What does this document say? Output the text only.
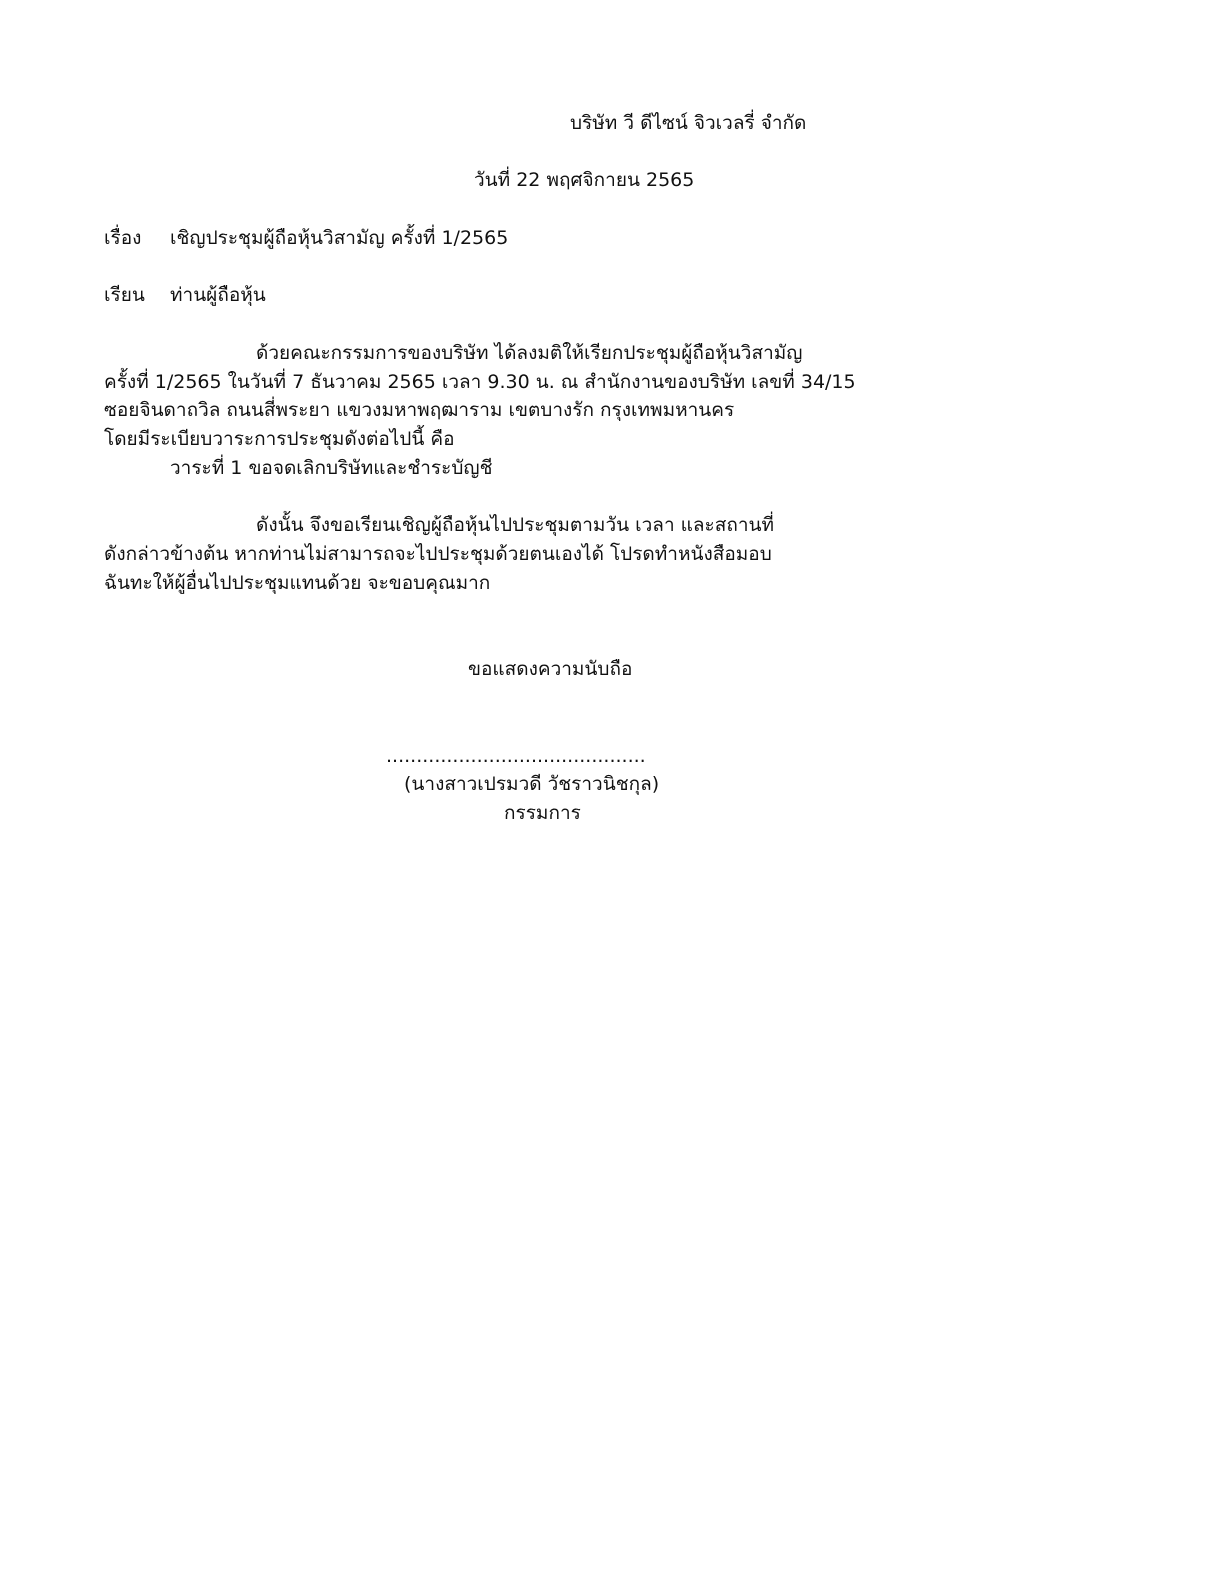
บริษัท วี ดีไซน์ จิวเวลรี่ จำกัด
วันที่ 22 พฤศจิกายน 2565
เรื่อง เชิญประชุมผู้ถือหุ้นวิสามัญ ครั้งที่ 1/2565
เรียน ท่านผู้ถือหุ้น
ด้วยคณะกรรมการของบริษัท ได้ลงมติให้เรียกประชุมผู้ถือหุ้นวิสามัญ
ครั้งที่ 1/2565 ในวันที่ 7 ธันวาคม 2565 เวลา 9.30 น. ณ สำนักงานของบริษัท เลขที่ 34/15
ซอยจินดาถวิล ถนนสี่พระยา แขวงมหาพฤฒาราม เขตบางรัก กรุงเทพมหานคร
โดยมีระเบียบวาระการประชุมดังต่อไปนี้ คือ
วาระที่ 1 ขอจดเลิกบริษัทและชำระบัญชี
ดังนั้น จึงขอเรียนเชิญผู้ถือหุ้นไปประชุมตามวัน เวลา และสถานที่
ดังกล่าวข้างต้น หากท่านไม่สามารถจะไปประชุมด้วยตนเองได้ โปรดทำหนังสือมอบ
ฉันทะให้ผู้อื่นไปประชุมแทนด้วย จะขอบคุณมาก
ขอแสดงความนับถือ
...........................................
(นางสาวเปรมวดี วัชราวนิชกุล)
กรรมการ
